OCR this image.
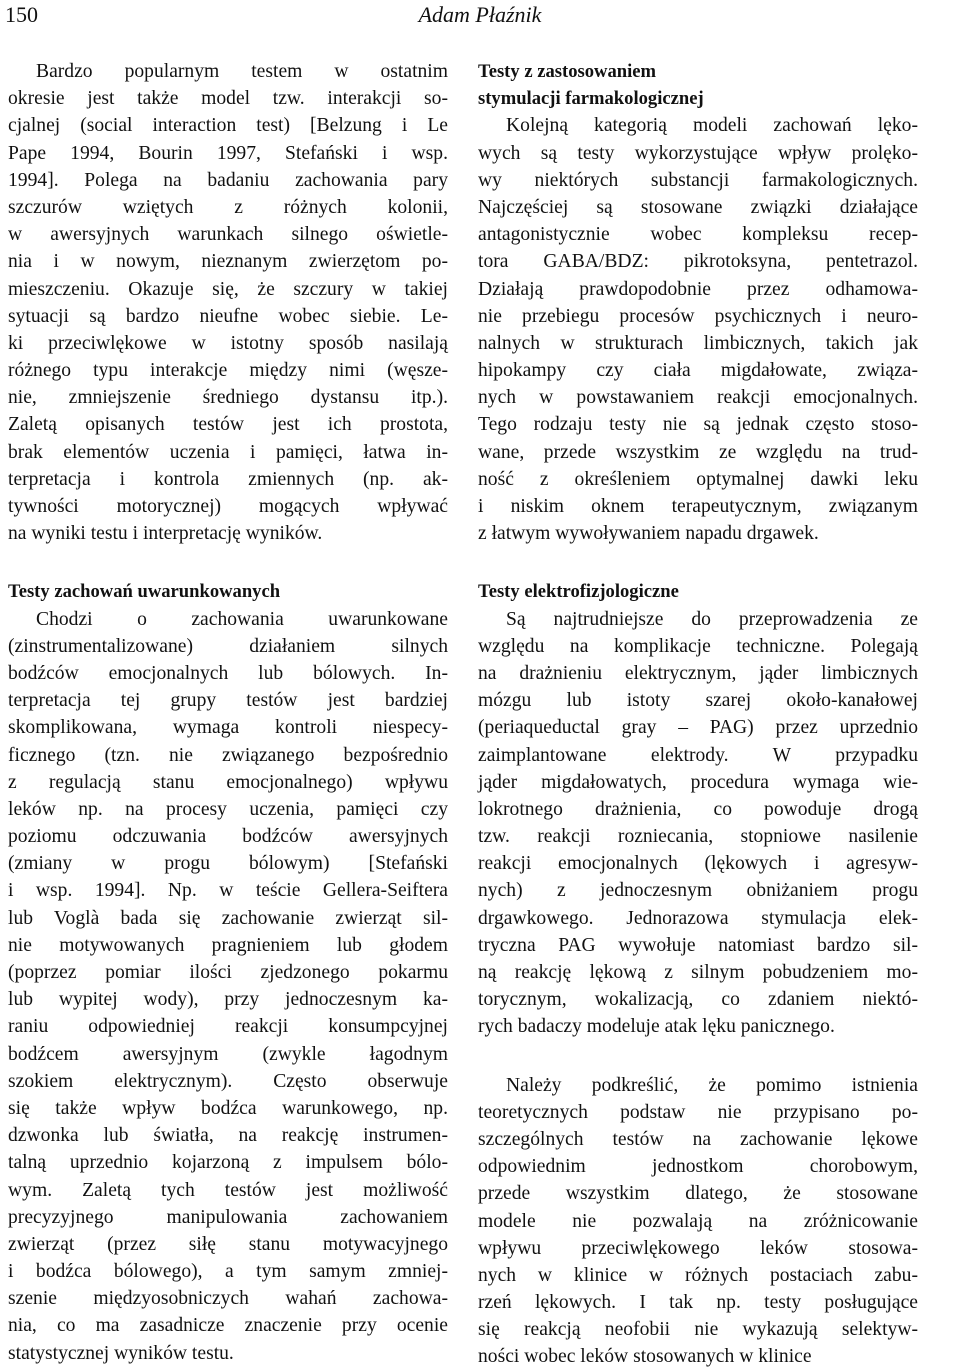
150	Adam Płaźnik
Bardzo popularnym testem w ostatnim
okresie jest także model tzw. interakcji so-
cjalnej (social interaction test) [Belzung i Le
Pape 1994, Bourin 1997, Stefański i wsp.
1994]. Polega na badaniu zachowania pary
szczurów wziętych z różnych kolonii,
w awersyjnych warunkach silnego oświetle-
nia i w nowym, nieznanym zwierzętom po-
mieszczeniu. Okazuje się, że szczury w takiej
sytuacji są bardzo nieufne wobec siebie. Le-
ki przeciwlękowe w istotny sposób nasilają
różnego typu interakcje między nimi (węsze-
nie, zmniejszenie średniego dystansu itp.).
Zaletą opisanych testów jest ich prostota,
brak elementów uczenia i pamięci, łatwa in-
terpretacja i kontrola zmiennych (np. ak-
tywności motorycznej) mogących wpływać
na wyniki testu i interpretację wyników.
Testy zachowań uwarunkowanych
Chodzi o zachowania uwarunkowane
(zinstrumentalizowane) działaniem silnych
bodźców emocjonalnych lub bólowych. In-
terpretacja tej grupy testów jest bardziej
skomplikowana, wymaga kontroli niespecy-
ficznego (tzn. nie związanego bezpośrednio
z regulacją stanu emocjonalnego) wpływu
leków np. na procesy uczenia, pamięci czy
poziomu odczuwania bodźców awersyjnych
(zmiany w progu bólowym) [Stefański
i wsp. 1994]. Np. w teście Gellera-Seiftera
lub Voglà bada się zachowanie zwierząt sil-
nie motywowanych pragnieniem lub głodem
(poprzez pomiar ilości zjedzonego pokarmu
lub wypitej wody), przy jednoczesnym ka-
raniu odpowiedniej reakcji konsumpcyjnej
bodźcem awersyjnym (zwykle łagodnym
szokiem elektrycznym). Często obserwuje
się także wpływ bodźca warunkowego, np.
dzwonka lub światła, na reakcję instrumen-
talną uprzednio kojarzoną z impulsem bólo-
wym. Zaletą tych testów jest możliwość
precyzyjnego manipulowania zachowaniem
zwierząt (przez siłę stanu motywacyjnego
i bodźca bólowego), a tym samym zmniej-
szenie międzyosobniczych wahań zachowa-
nia, co ma zasadnicze znaczenie przy ocenie
statystycznej wyników testu.
Testy z zastosowaniem
stymulacji farmakologicznej
Kolejną kategorią modeli zachowań lęko-
wych są testy wykorzystujące wpływ prolęko-
wy niektórych substancji farmakologicznych.
Najczęściej są stosowane związki działające
antagonistycznie wobec kompleksu recep-
tora GABA/BDZ: pikrotoksyna, pentetrazol.
Działają prawdopodobnie przez odhamowa-
nie przebiegu procesów psychicznych i neuro-
nalnych w strukturach limbicznych, takich jak
hipokampy czy ciała migdałowate, związa-
nych w powstawaniem reakcji emocjonalnych.
Tego rodzaju testy nie są jednak często stoso-
wane, przede wszystkim ze względu na trud-
ność z określeniem optymalnej dawki leku
i niskim oknem terapeutycznym, związanym
z łatwym wywoływaniem napadu drgawek.
Testy elektrofizjologiczne
Są najtrudniejsze do przeprowadzenia ze
względu na komplikacje techniczne. Polegają
na drażnieniu elektrycznym, jąder limbicznych
mózgu lub istoty szarej około-kanałowej
(periaqueductal gray – PAG) przez uprzednio
zaimplantowane elektrody. W przypadku
jąder migdałowatych, procedura wymaga wie-
lokrotnego drażnienia, co powoduje drogą
tzw. reakcji rozniecania, stopniowe nasilenie
reakcji emocjonalnych (lękowych i agresyw-
nych) z jednoczesnym obniżaniem progu
drgawkowego. Jednorazowa stymulacja elek-
tryczna PAG wywołuje natomiast bardzo sil-
ną reakcję lękową z silnym pobudzeniem mo-
torycznym, wokalizacją, co zdaniem niektó-
rych badaczy modeluje atak lęku panicznego.
Należy podkreślić, że pomimo istnienia
teoretycznych podstaw nie przypisano po-
szczególnych testów na zachowanie lękowe
odpowiednim jednostkom chorobowym,
przede wszystkim dlatego, że stosowane
modele nie pozwalają na zróżnicowanie
wpływu przeciwlękowego leków stosowa-
nych w klinice w różnych postaciach zabu-
rzeń lękowych. I tak np. testy posługujące
się reakcją neofobii nie wykazują selektyw-
ności wobec leków stosowanych w klinice
